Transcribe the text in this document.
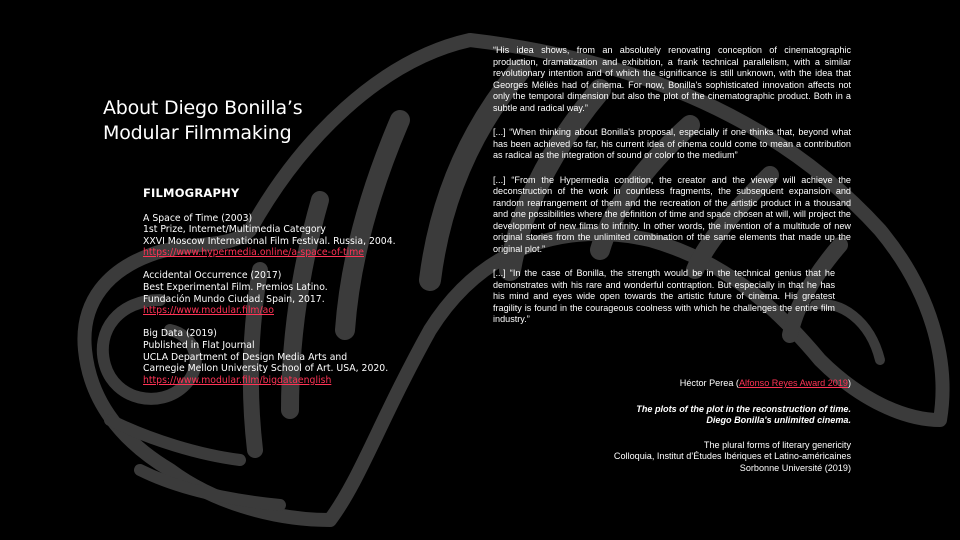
About Diego Bonilla’s
Modular Filmmaking
FILMOGRAPHY
A Space of Time (2003)
1st Prize, Internet/Multimedia Category
XXVI Moscow International Film Festival. Russia, 2004.
https://www.hypermedia.online/a-space-of-time
Accidental Occurrence (2017)
Best Experimental Film. Premios Latino.
Fundación Mundo Ciudad. Spain, 2017.
https://www.modular.film/ao
Big Data (2019)
Published in Flat Journal
UCLA Department of Design Media Arts and
Carnegie Mellon University School of Art. USA, 2020.
https://www.modular.film/bigdataenglish

“His idea shows, from an absolutely renovating conception of cinematographic production, dramatization and exhibition, a frank technical parallelism, with a similar revolutionary intention and of which the significance is still unknown, with the idea that Georges Méliès had of cinema. For now, Bonilla's sophisticated innovation affects not only the temporal dimension but also the plot of the cinematographic product. Both in a subtle and radical way.”

[...] “When thinking about Bonilla's proposal, especially if one thinks that, beyond what has been achieved so far, his current idea of cinema could come to mean a contribution as radical as the integration of sound or color to the medium”

[...] “From the Hypermedia condition, the creator and the viewer will achieve the deconstruction of the work in countless fragments, the subsequent expansion and random rearrangement of them and the recreation of the artistic product in a thousand and one possibilities where the definition of time and space chosen at will, will project the development of new films to infinity. In other words, the invention of a multitude of new original stories from the unlimited combination of the same elements that made up the original plot.”

[...] “In the case of Bonilla, the strength would be in the technical genius that he demonstrates with his rare and wonderful contraption. But especially in that he has his mind and eyes wide open towards the artistic future of cinema. His greatest fragility is found in the courageous coolness with which he challenges the entire film industry.”

Héctor Perea (Alfonso Reyes Award 2019)
The plots of the plot in the reconstruction of time.
Diego Bonilla's unlimited cinema.
The plural forms of literary genericity
Colloquia, Institut d’Études Ibériques et Latino-américaines
Sorbonne Université (2019)
